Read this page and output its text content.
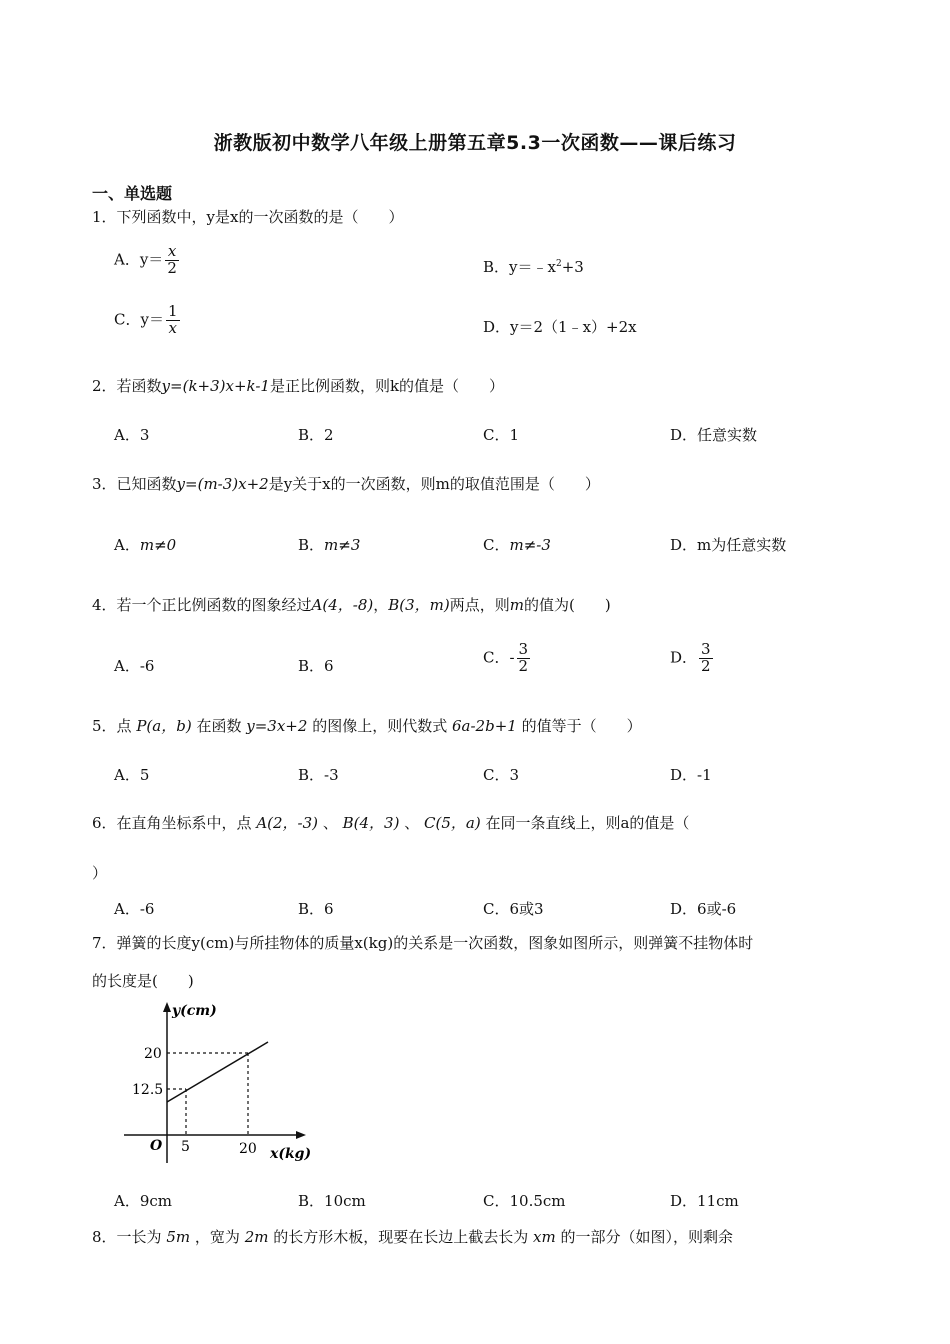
浙教版初中数学八年级上册第五章5.3一次函数——课后练习
一、单选题
1．下列函数中，y是x的一次函数的是（　　）
A．$y= \frac{x}{2}$	B．$y=﹣x^2+3$
C．$y= \frac{1}{x}$	D．y＝2（1﹣x）+2x
2．若函数y=(k+3)x+k-1是正比例函数，则k的值是（　　）
A．3	B．2	C．1	D．任意实数
3．已知函数y=(m-3)x+2是y关于x的一次函数，则m的取值范围是（　　）
A．m≠0	B．m≠3	C．m≠-3	D．m为任意实数
4．若一个正比例函数的图象经过A(4，-8)，B(3，m)两点，则m的值为(　　)
A．-6	B．6	C．- $\frac{3}{2}$	D． $\frac{3}{2}$
5．点 P(a，b) 在函数 y=3x+2 的图像上，则代数式 6a-2b+1 的值等于（　　）
A．5	B．-3	C．3	D．-1
6．在直角坐标系中，点 A(2，-3) 、 B(4，3) 、 C(5，a) 在同一条直线上，则a的值是（
）
A．-6	B．6	C．6或3	D．6或-6
7．弹簧的长度y(cm)与所挂物体的质量x(kg)的关系是一次函数，图象如图所示，则弹簧不挂物体时
的长度是(　　)
y(cm)
x(kg)
O
20
12.5
5	20
A．9cm	B．10cm	C．10.5cm	D．11cm
8．一长为 5m ，宽为 2m 的长方形木板，现要在长边上截去长为 xm 的一部分（如图），则剩余
